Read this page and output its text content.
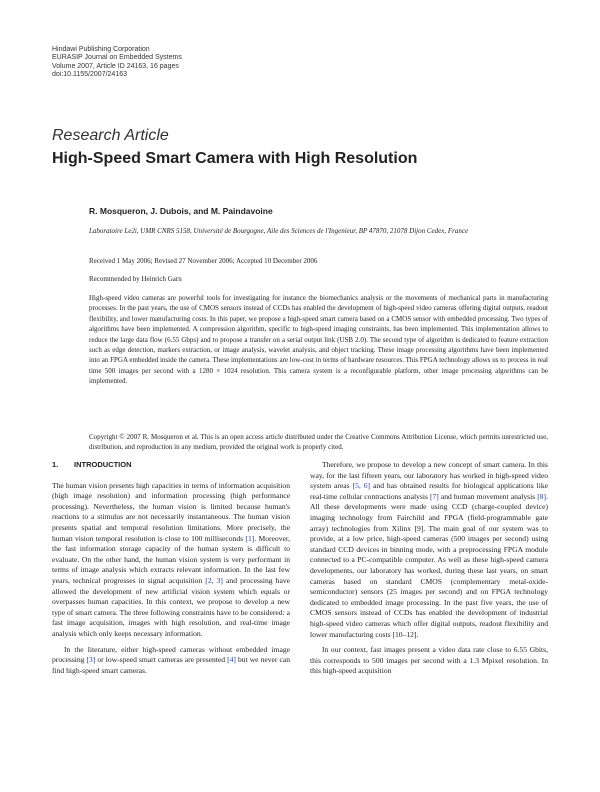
Hindawi Publishing Corporation
EURASIP Journal on Embedded Systems
Volume 2007, Article ID 24163, 16 pages
doi:10.1155/2007/24163
Research Article
High-Speed Smart Camera with High Resolution
R. Mosqueron, J. Dubois, and M. Paindavoine
Laboratoire Le2i, UMR CNRS 5158, Université de Bourgogne, Aile des Sciences de l'Ingenieur, BP 47870, 21078 Dijon Cedex, France
Received 1 May 2006; Revised 27 November 2006; Accepted 10 December 2006
Recommended by Heinrich Garn
High-speed video cameras are powerful tools for investigating for instance the biomechanics analysis or the movements of mechanical parts in manufacturing processes. In the past years, the use of CMOS sensors instead of CCDs has enabled the development of high-speed video cameras offering digital outputs, readout flexibility, and lower manufacturing costs. In this paper, we propose a high-speed smart camera based on a CMOS sensor with embedded processing. Two types of algorithms have been implemented. A compression algorithm, specific to high-speed imaging constraints, has been implemented. This implementation allows to reduce the large data flow (6.55 Gbps) and to propose a transfer on a serial output link (USB 2.0). The second type of algorithm is dedicated to feature extraction such as edge detection, markers extraction, or image analysis, wavelet analysis, and object tracking. These image processing algorithms have been implemented into an FPGA embedded inside the camera. These implementations are low-cost in terms of hardware resources. This FPGA technology allows us to process in real time 500 images per second with a 1280 × 1024 resolution. This camera system is a reconfigurable platform, other image processing algorithms can be implemented.
Copyright © 2007 R. Mosqueron et al. This is an open access article distributed under the Creative Commons Attribution License, which permits unrestricted use, distribution, and reproduction in any medium, provided the original work is properly cited.
1. INTRODUCTION

The human vision presents high capacities in terms of information acquisition (high image resolution) and information processing (high performance processing). Nevertheless, the human vision is limited because human's reactions to a stimulus are not necessarily instantaneous. The human vision presents spatial and temporal resolution limitations. More precisely, the human vision temporal resolution is close to 100 milliseconds [1]. Moreover, the fast information storage capacity of the human system is difficult to evaluate. On the other hand, the human vision system is very performant in terms of image analysis which extracts relevant information. In the last few years, technical progresses in signal acquisition [2, 3] and processing have allowed the development of new artificial vision system which equals or overpasses human capacities. In this context, we propose to develop a new type of smart camera. The three following constraints have to be considered: a fast image acquisition, images with high resolution, and real-time image analysis which only keeps necessary information.

In the literature, either high-speed cameras without embedded image processing [3] or low-speed smart cameras are presented [4] but we never can find high-speed smart cameras.

Therefore, we propose to develop a new concept of smart camera. In this way, for the last fifteen years, our laboratory has worked in high-speed video system areas [5, 6] and has obtained results for biological applications like real-time cellular contractions analysis [7] and human movement analysis [8]. All these developments were made using CCD (charge-coupled device) imaging technology from Fairchild and FPGA (field-programmable gate array) technologies from Xilinx [9]. The main goal of our system was to provide, at a low price, high-speed cameras (500 images per second) using standard CCD devices in binning mode, with a preprocessing FPGA module connected to a PC-compatible computer. As well as these high-speed camera developments, our laboratory has worked, during these last years, on smart cameras based on standard CMOS (complementary metal-oxide-semiconductor) sensors (25 images per second) and on FPGA technology dedicated to embedded image processing. In the past five years, the use of CMOS sensors instead of CCDs has enabled the development of industrial high-speed video cameras which offer digital outputs, readout flexibility and lower manufacturing costs [10–12].

In our context, fast images present a video data rate close to 6.55 Gbits, this corresponds to 500 images per second with a 1.3 Mpixel resolution. In this high-speed acquisition
